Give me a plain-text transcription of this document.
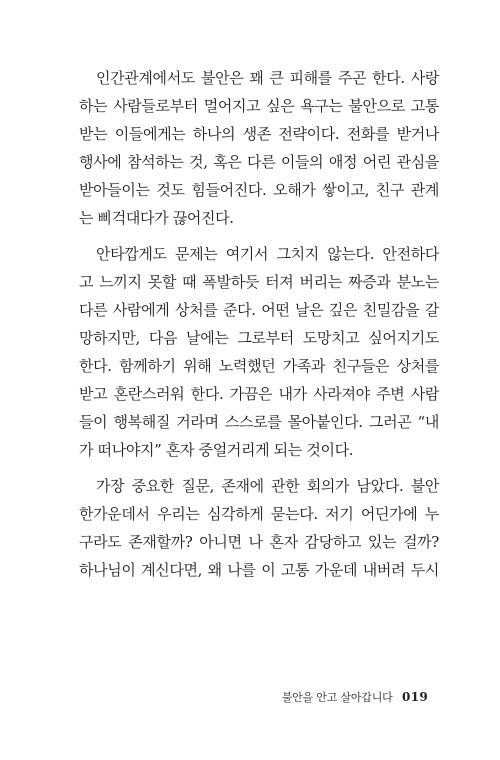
인간관계에서도 불안은 꽤 큰 피해를 주곤 한다. 사랑
하는 사람들로부터 멀어지고 싶은 욕구는 불안으로 고통
받는 이들에게는 하나의 생존 전략이다. 전화를 받거나
행사에 참석하는 것, 혹은 다른 이들의 애정 어린 관심을
받아들이는 것도 힘들어진다. 오해가 쌓이고, 친구 관계
는 삐걱대다가 끊어진다.
안타깝게도 문제는 여기서 그치지 않는다. 안전하다
고 느끼지 못할 때 폭발하듯 터져 버리는 짜증과 분노는
다른 사람에게 상처를 준다. 어떤 날은 깊은 친밀감을 갈
망하지만, 다음 날에는 그로부터 도망치고 싶어지기도
한다. 함께하기 위해 노력했던 가족과 친구들은 상처를
받고 혼란스러워 한다. 가끔은 내가 사라져야 주변 사람
들이 행복해질 거라며 스스로를 몰아붙인다. 그러곤 “내
가 떠나야지” 혼자 중얼거리게 되는 것이다.
가장 중요한 질문, 존재에 관한 회의가 남았다. 불안
한가운데서 우리는 심각하게 묻는다. 저기 어딘가에 누
구라도 존재할까? 아니면 나 혼자 감당하고 있는 걸까?
하나님이 계신다면, 왜 나를 이 고통 가운데 내버려 두시
불안을 안고 살아갑니다 019
